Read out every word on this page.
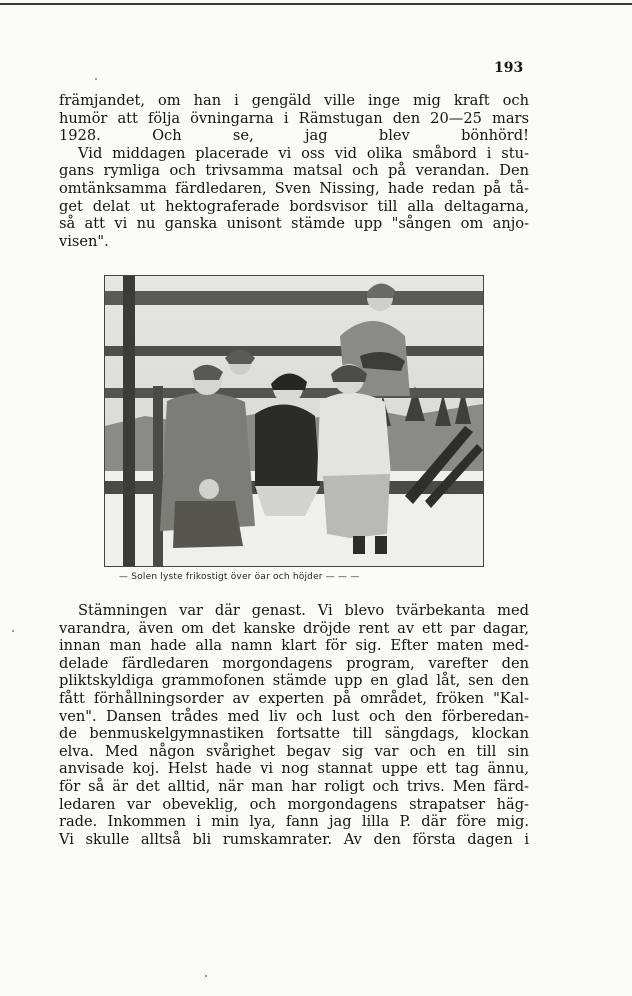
193
främjandet, om han i gengäld ville inge mig kraft och
humör att följa övningarna i Rämstugan den 20—25 mars
1928. Och se, jag blev bönhörd!
Vid middagen placerade vi oss vid olika småbord i stu-
gans rymliga och trivsamma matsal och på verandan. Den
omtänksamma färdledaren, Sven Nissing, hade redan på tå-
get delat ut hektograferade bordsvisor till alla deltagarna,
så att vi nu ganska unisont stämde upp "sången om anjo-
visen".
— Solen lyste frikostigt över öar och höjder — — —
Stämningen var där genast. Vi blevo tvärbekanta med
varandra, även om det kanske dröjde rent av ett par dagar,
innan man hade alla namn klart för sig. Efter maten med-
delade färdledaren morgondagens program, varefter den
pliktskyldiga grammofonen stämde upp en glad låt, sen den
fått förhållningsorder av experten på området, fröken "Kal-
ven". Dansen trådes med liv och lust och den förberedan-
de benmuskelgymnastiken fortsatte till sängdags, klockan
elva. Med någon svårighet begav sig var och en till sin
anvisade koj. Helst hade vi nog stannat uppe ett tag ännu,
för så är det alltid, när man har roligt och trivs. Men färd-
ledaren var obeveklig, och morgondagens strapatser häg-
rade. Inkommen i min lya, fann jag lilla P. där före mig.
Vi skulle alltså bli rumskamrater. Av den första dagen i
